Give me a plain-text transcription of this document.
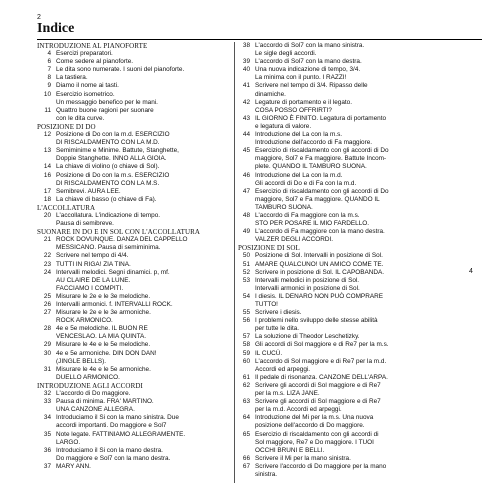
2
Indice
INTRODUZIONE AL PIANOFORTE
4 Esercizi preparatori.
6 Come sedere al pianoforte.
7 Le dita sono numerate. I suoni del pianoforte.
8 La tastiera.
9 Diamo il nome ai tasti.
10 Esercizio isometrico.
Un messaggio benefico per le mani.
11 Quattro buone ragioni per suonare
con le dita curve.
POSIZIONE DI DO
12 Posizione di Do con la m.d. ESERCIZIO
DI RISCALDAMENTO CON LA M.D.
13 Semiminime e Minime. Battute, Stanghette,
Doppie Stanghette. INNO ALLA GIOIA.
14 La chiave di violino (o chiave di Sol).
16 Posizione di Do con la m.s. ESERCIZIO
DI RISCALDAMENTO CON LA M.S.
17 Semibrevi. AURA LEE.
18 La chiave di basso (o chiave di Fa).
L'ACCOLLATURA
20 L'accollatura. L'indicazione di tempo.
Pausa di semibreve.
SUONARE IN DO E IN SOL CON L'ACCOLLATURA
21 ROCK DOVUNQUE. DANZA DEL CAPPELLO
MESSICANO. Pausa di semiminima.
22 Scrivere nel tempo di 4/4.
23 TUTTI IN RIGA! ZIA TINA.
24 Intervalli melodici. Segni dinamici. p, mf.
AU CLAIRE DE LA LUNE.
FACCIAMO I COMPITI.
25 Misurare le 2e e le 3e melodiche.
26 Intervalli armonici. f. INTERVALLI ROCK.
27 Misurare le 2e e le 3e armoniche.
ROCK ARMONICO.
28 4e e 5e melodiche. IL BUON RE
VENCESLAO. LA MIA QUINTA.
29 Misurare le 4e e le 5e melodiche.
30 4e e 5e armoniche. DIN DON DAN!
(JINGLE BELLS).
31 Misurare le 4e e le 5e armoniche.
DUELLO ARMONICO.
INTRODUZIONE AGLI ACCORDI
32 L'accordo di Do maggiore.
33 Pausa di minima. FRA' MARTINO.
UNA CANZONE ALLEGRA.
34 Introduciamo il Si con la mano sinistra. Due
accordi importanti. Do maggiore e Sol7
35 Note legate. FATTINIAMO ALLEGRAMENTE.
LARGO.
36 Introduciamo il Si con la mano destra.
Do maggiore e Sol7 con la mano destra.
37 MARY ANN.
38 L'accordo di Sol7 con la mano sinistra.
Le sigle degli accordi.
39 L'accordo di Sol7 con la mano destra.
40 Una nuova indicazione di tempo, 3/4.
La minima con il punto. I RAZZI!
41 Scrivere nel tempo di 3/4. Ripasso delle
dinamiche.
42 Legature di portamento e il legato.
COSA POSSO OFFRIRTI?
43 IL GIORNO È FINITO. Legatura di portamento
e legatura di valore.
44 Introduzione del La con la m.s.
Introduzione dell'accordo di Fa maggiore.
45 Esercizio di riscaldamento con gli accordi di Do
maggiore, Sol7 e Fa maggiore. Battute Incom-
plete. QUANDO IL TAMBURO SUONA.
46 Introduzione del La con la m.d.
Gli accordi di Do e di Fa con la m.d.
47 Esercizio di riscaldamento con gli accordi di Do
maggiore, Sol7 e Fa maggiore. QUANDO IL
TAMBURO SUONA.
48 L'accordo di Fa maggiore con la m.s.
STO PER POSARE IL MIO FARDELLO.
49 L'accordo di Fa maggiore con la mano destra.
VALZER DEGLI ACCORDI.
POSIZIONE DI SOL
50 Posizione di Sol. Intervalli in posizione di Sol.
51 AMARE QUALCUNO! UN AMICO COME TE.
52 Scrivere in posizione di Sol. IL CAPOBANDA.
53 Intervalli melodici in posizione di Sol.
Intervalli armonici in posizione di Sol.
54 I diesis. IL DENARO NON PUÒ COMPRARE
TUTTO!
55 Scrivere i diesis.
56 I problemi nello sviluppo delle stesse abilità
per tutte le dita.
57 La soluzione di Theodor Leschetizky.
58 Gli accordi di Sol maggiore e di Re7 per la m.s.
59 IL CUCÙ.
60 L'accordo di Sol maggiore e di Re7 per la m.d.
Accordi ed arpeggi.
61 Il pedale di risonanza. CANZONE DELL'ARPA.
62 Scrivere gli accordi di Sol maggiore e di Re7
per la m.s. LIZA JANE.
63 Scrivere gli accordi di Sol maggiore e di Re7
per la m.d. Accordi ed arpeggi.
64 Introduzione del Mi per la m.s. Una nuova
posizione dell'accordo di Do maggiore.
65 Esercizio di riscaldamento con gli accordi di
Sol maggiore, Re7 e Do maggiore. I TUOI
OCCHI BRUNI E BELLI.
66 Scrivere il Mi per la mano sinistra.
67 Scrivere l'accordo di Do maggiore per la mano
sinistra.
4
